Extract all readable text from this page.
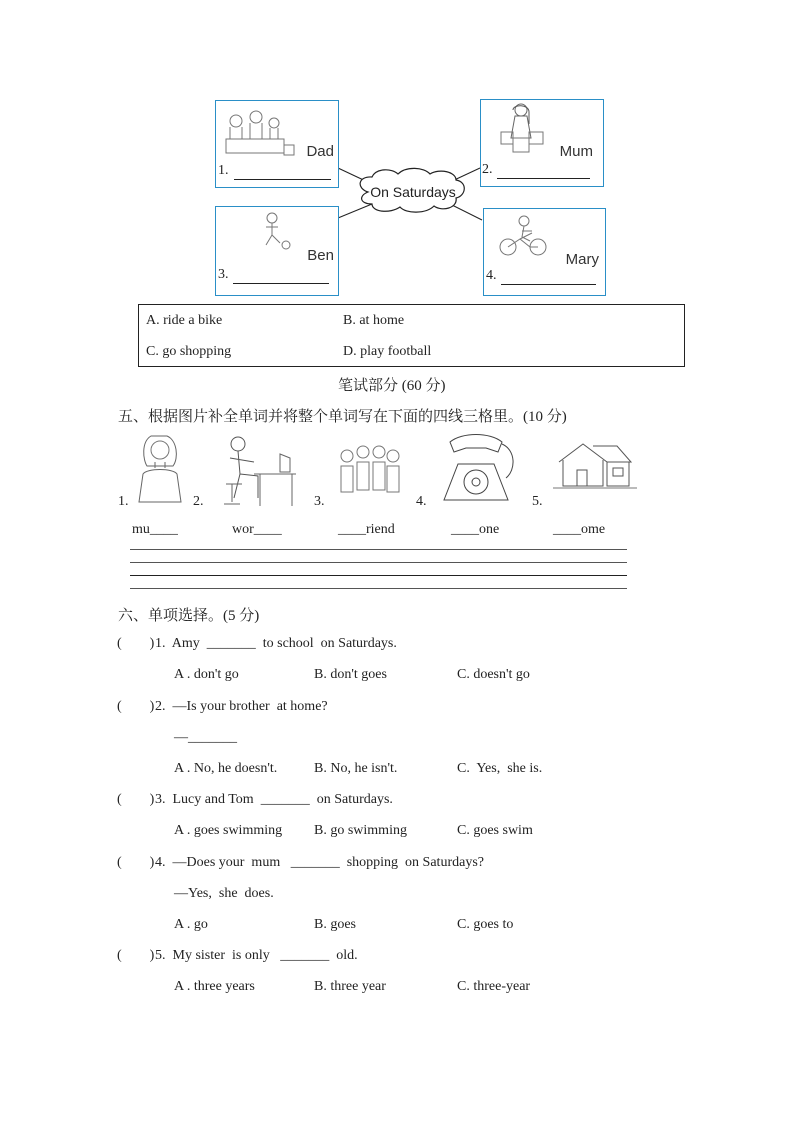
On Saturdays
Dad
1.
Mum
2.
Ben
3.
Mary
4.
A. ride a bike	B. at home
C. go shopping	D. play football
笔试部分 (60 分)
五、根据图片补全单词并将整个单词写在下面的四线三格里。(10 分)
1.	2.	3.	4.	5.
mu____	wor____	____riend	____one	____ome
六、单项选择。(5 分)
(        ) 1.  Amy  _______  to school  on Saturdays.
A . don't go	B. don't goes	C. doesn't go
(        ) 2.  —Is your brother  at home?
—_______
A . No, he doesn't.	B. No, he isn't.	C.  Yes,  she is.
(        ) 3.  Lucy and Tom  _______  on Saturdays.
A . goes swimming B. go swimming	C. goes swim
(        ) 4.  —Does your  mum   _______  shopping  on Saturdays?
—Yes,  she  does.
A . go	B. goes	C. goes to
(        ) 5.  My sister  is only   _______  old.
A . three years	B. three year	C. three-year
